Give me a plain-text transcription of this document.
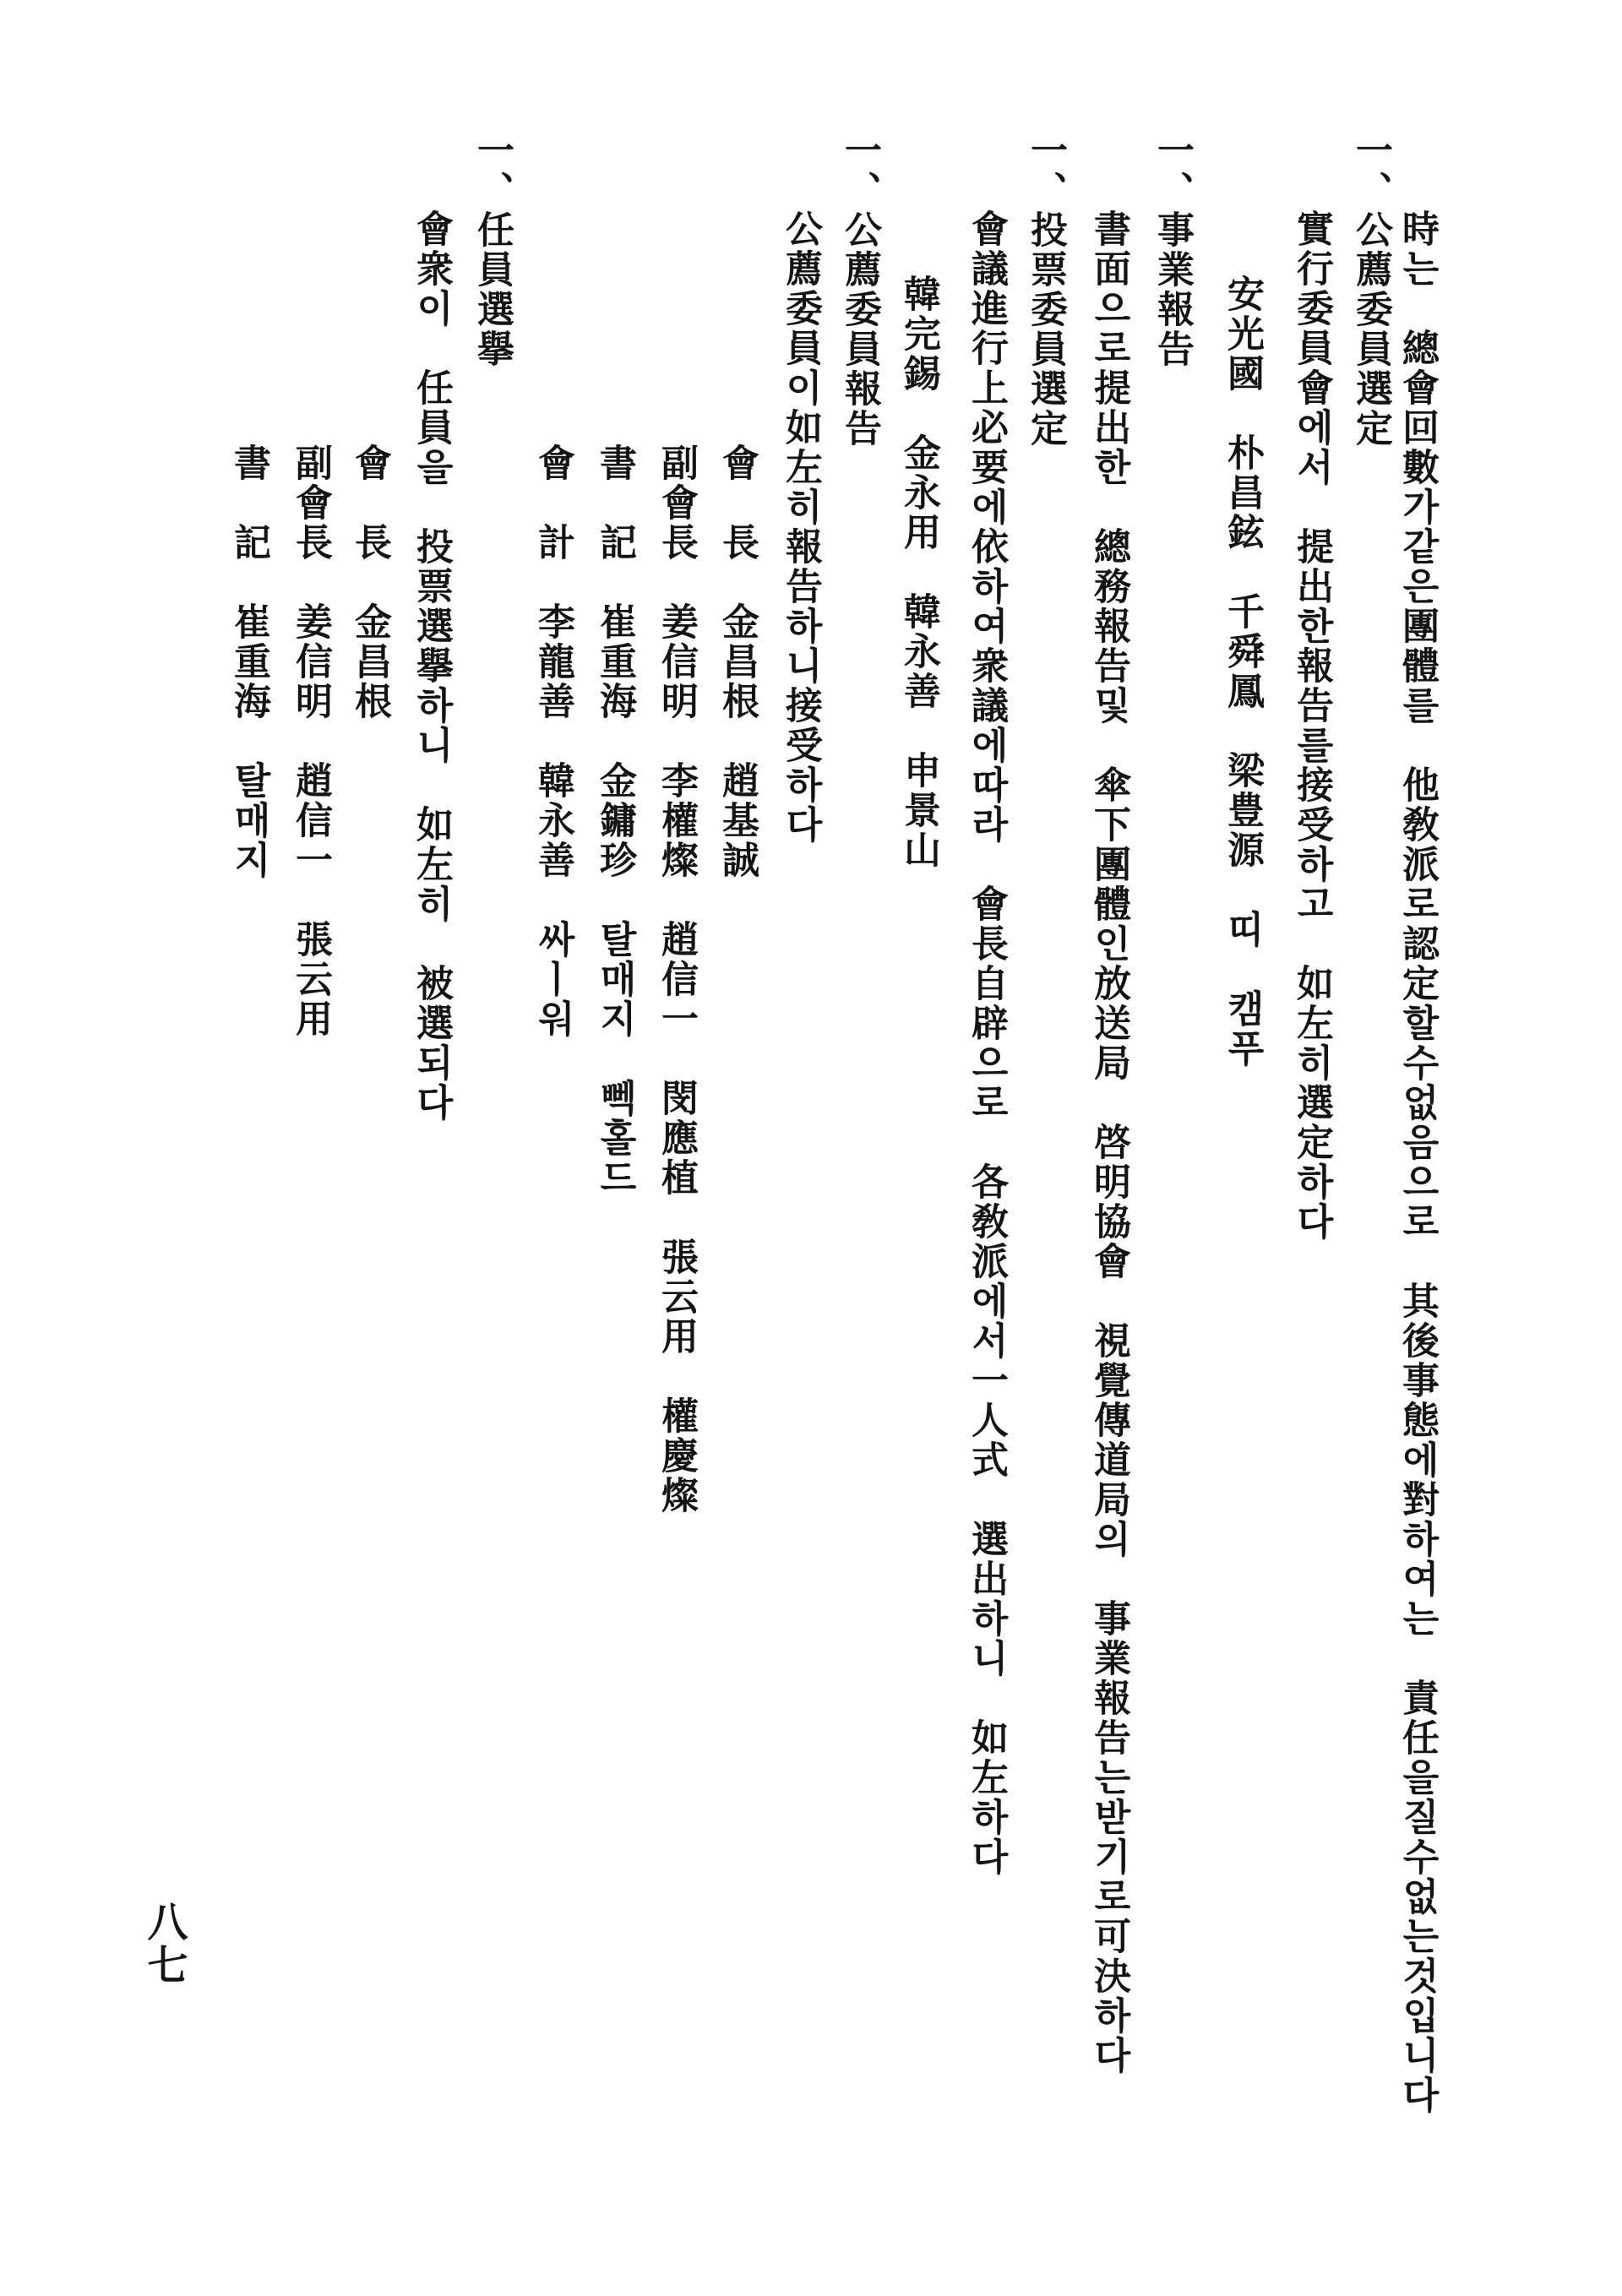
時는　總會回數가같은團體를　他敎派로認定할수없음으로　其後事態에對하여는　責任을질수없는것입니다
一、公薦委員選定
實行委員會에서　提出한報告를接受하고　如左히選定하다
安光國　朴昌鉉　千舜鳳　梁豊源　띠　캠푸
一、事業報告
書面으로提出한　總務報告및　傘下團體인放送局　啓明協會　視覺傳道局의　事業報告는받기로可決하다
一、投票委員選定
會議進行上必要에依하여衆議에따라　會長自辟으로　各敎派에서一人式　選出하니　如左하다
韓完錫　金永用　韓永善　申景山
一、公薦委員報告
公薦委員이如左히報告하니接受하다
會　長　金昌根　趙基誠
副會長　姜信明　李權燦　趙信一　閔應植　張云用　權慶燦
書　記　崔重海　金鏞珍　탈매지　뻭홀드
會　計　李龍善　韓永善　싸ㅣ워
一、任員選擧
會衆이　任員을　投票選擧하니　如左히　被選되다
會　長　金昌根
副會長　姜信明　趙信一　張云用
書　記　崔重海　탈매지
八七
